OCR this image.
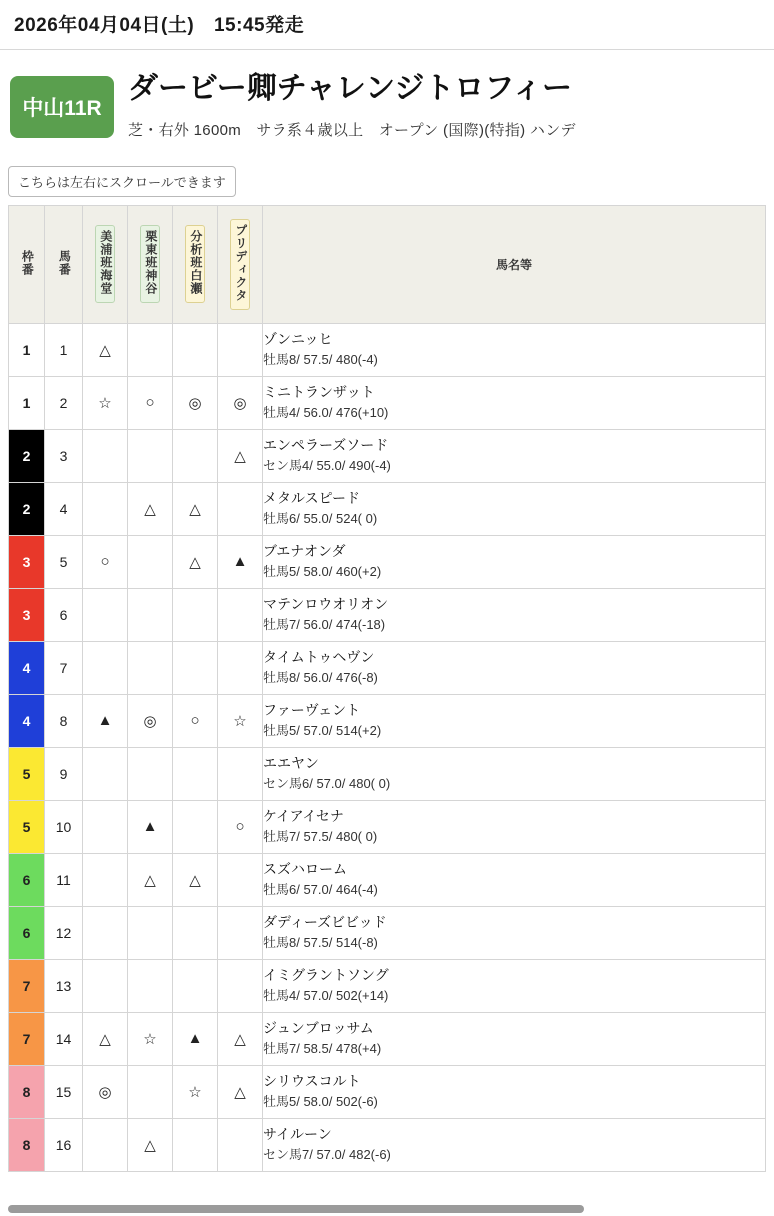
2026年04月04日(土) 15:45発走
中山11R
ダービー卿チャレンジトロフィー
芝・右外 1600m　サラ系４歳以上　オープン (国際)(特指) ハンデ
こちらは左右にスクロールできます
枠番	馬番	美浦班海堂	栗東班神谷	分析班白瀬	プリディクタ	馬名等
1	1	△				ゾンニッヒ
牡馬8/ 57.5/ 480(-4)

1	2	☆	○	◎	◎	ミニトランザット
牡馬4/ 56.0/ 476(+10)

2	3				△	エンペラーズソード
セン馬4/ 55.0/ 490(-4)

2	4		△	△		メタルスピード
牡馬6/ 55.0/ 524( 0)

3	5	○		△	▲	ブエナオンダ
牡馬5/ 58.0/ 460(+2)

3	6					マテンロウオリオン
牡馬7/ 56.0/ 474(-18)

4	7					タイムトゥヘヴン
牡馬8/ 56.0/ 476(-8)

4	8	▲	◎	○	☆	ファーヴェント
牡馬5/ 57.0/ 514(+2)

5	9					エエヤン
セン馬6/ 57.0/ 480( 0)

5	10		▲		○	ケイアイセナ
牡馬7/ 57.5/ 480( 0)

6	11		△	△		スズハローム
牡馬6/ 57.0/ 464(-4)

6	12					ダディーズビビッド
牡馬8/ 57.5/ 514(-8)

7	13					イミグラントソング
牡馬4/ 57.0/ 502(+14)

7	14	△	☆	▲	△	ジュンブロッサム
牡馬7/ 58.5/ 478(+4)

8	15	◎		☆	△	シリウスコルト
牡馬5/ 58.0/ 502(-6)

8	16		△			サイルーン
セン馬7/ 57.0/ 482(-6)
